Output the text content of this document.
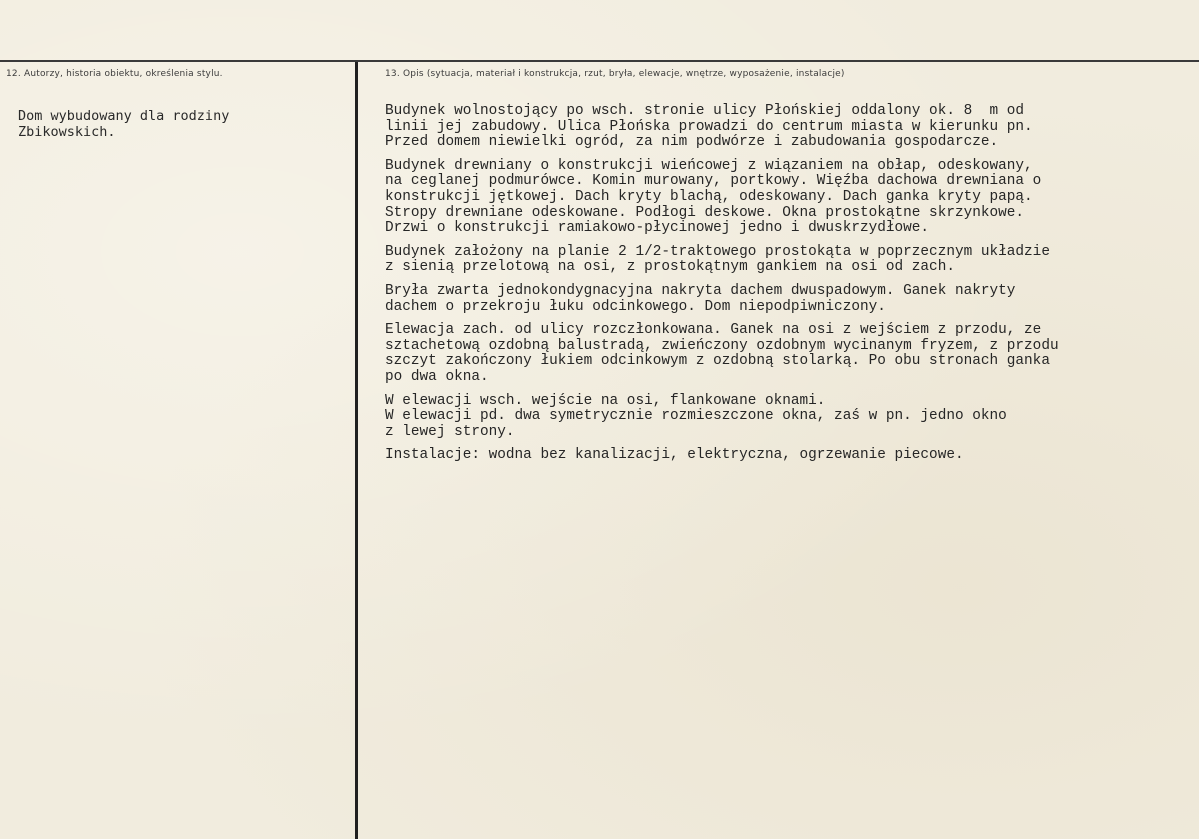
12. Autorzy, historia obiektu, określenia stylu.	13. Opis (sytuacja, materiał i konstrukcja, rzut, bryła, elewacje, wnętrze, wyposażenie, instalacje)
Dom wybudowany dla rodziny
Zbikowskich.
Budynek wolnostojący po wsch. stronie ulicy Płońskiej oddalony ok. 8  m od
linii jej zabudowy. Ulica Płońska prowadzi do centrum miasta w kierunku pn.
Przed domem niewielki ogród, za nim podwórze i zabudowania gospodarcze.
Budynek drewniany o konstrukcji wieńcowej z wiązaniem na obłap, odeskowany,
na ceglanej podmurówce. Komin murowany, portkowy. Więźba dachowa drewniana o
konstrukcji jętkowej. Dach kryty blachą, odeskowany. Dach ganka kryty papą.
Stropy drewniane odeskowane. Podłogi deskowe. Okna prostokątne skrzynkowe.
Drzwi o konstrukcji ramiakowo-płycinowej jedno i dwuskrzydłowe.
Budynek założony na planie 2 1/2-traktowego prostokąta w poprzecznym układzie
z sienią przelotową na osi, z prostokątnym gankiem na osi od zach.
Bryła zwarta jednokondygnacyjna nakryta dachem dwuspadowym. Ganek nakryty
dachem o przekroju łuku odcinkowego. Dom niepodpiwniczony.
Elewacja zach. od ulicy rozczłonkowana. Ganek na osi z wejściem z przodu, ze
sztachetową ozdobną balustradą, zwieńczony ozdobnym wycinanym fryzem, z przodu
szczyt zakończony łukiem odcinkowym z ozdobną stolarką. Po obu stronach ganka
po dwa okna.
W elewacji wsch. wejście na osi, flankowane oknami.
W elewacji pd. dwa symetrycznie rozmieszczone okna, zaś w pn. jedno okno
z lewej strony.
Instalacje: wodna bez kanalizacji, elektryczna, ogrzewanie piecowe.
